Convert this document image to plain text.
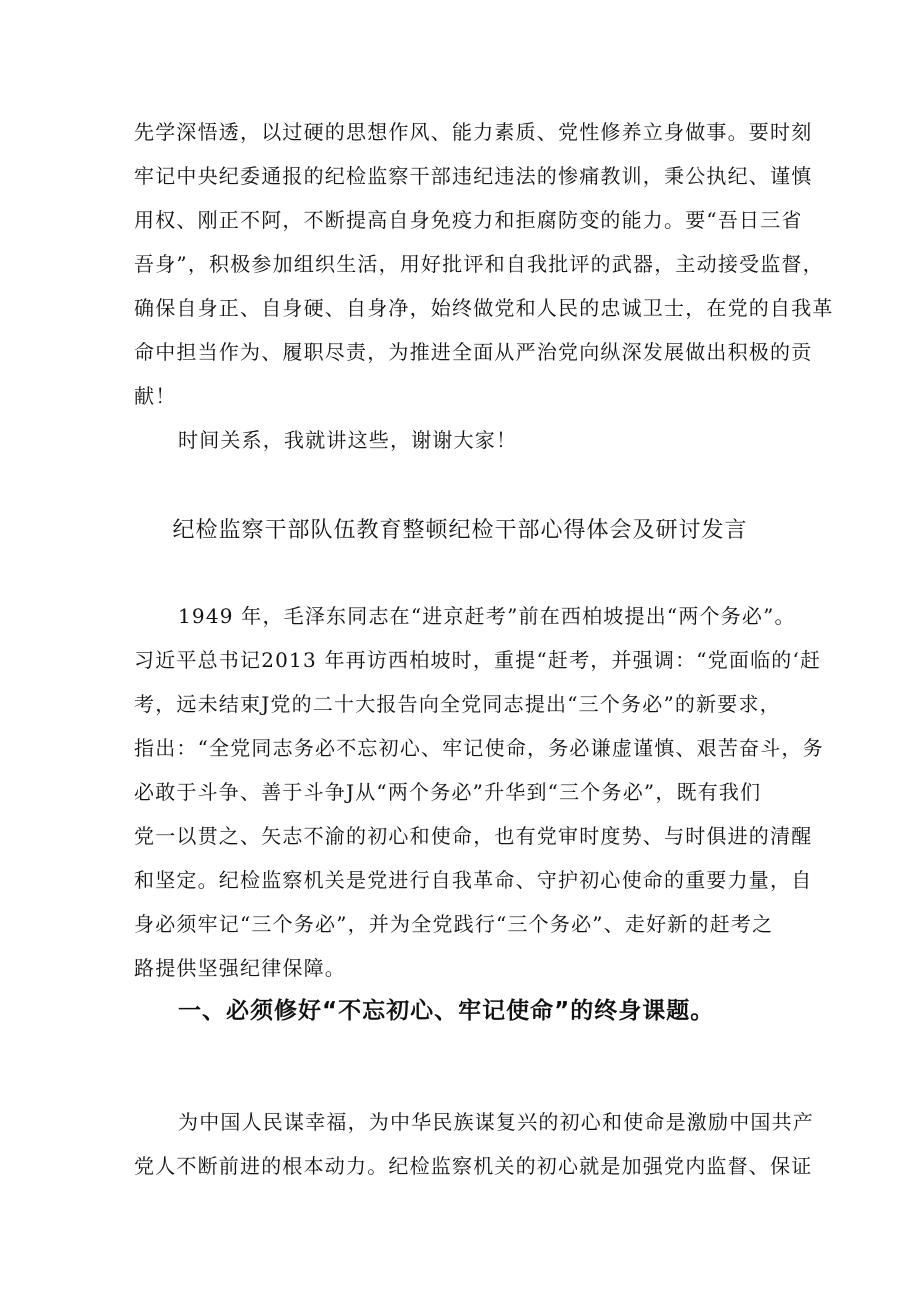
先学深悟透，以过硬的思想作风、能力素质、党性修养立身做事。要时刻
牢记中央纪委通报的纪检监察干部违纪违法的惨痛教训，秉公执纪、谨慎
用权、刚正不阿，不断提高自身免疫力和拒腐防变的能力。要“吾日三省
吾身”，积极参加组织生活，用好批评和自我批评的武器，主动接受监督，
确保自身正、自身硬、自身净，始终做党和人民的忠诚卫士，在党的自我革
命中担当作为、履职尽责，为推进全面从严治党向纵深发展做出积极的贡
献！
时间关系，我就讲这些，谢谢大家！
纪检监察干部队伍教育整顿纪检干部心得体会及研讨发言
1949 年，毛泽东同志在“进京赶考”前在西柏坡提出“两个务必”。
习近平总书记2013 年再访西柏坡时，重提“赶考，并强调：“党面临的‘赶
考，远未结束J党的二十大报告向全党同志提出“三个务必”的新要求，
指出：“全党同志务必不忘初心、牢记使命，务必谦虚谨慎、艰苦奋斗，务
必敢于斗争、善于斗争J从“两个务必”升华到“三个务必”，既有我们
党一以贯之、矢志不渝的初心和使命，也有党审时度势、与时俱进的清醒
和坚定。纪检监察机关是党进行自我革命、守护初心使命的重要力量，自
身必须牢记“三个务必”，并为全党践行“三个务必”、走好新的赶考之
路提供坚强纪律保障。
一、必须修好“不忘初心、牢记使命”的终身课题。
为中国人民谋幸福，为中华民族谋复兴的初心和使命是激励中国共产
党人不断前进的根本动力。纪检监察机关的初心就是加强党内监督、保证
